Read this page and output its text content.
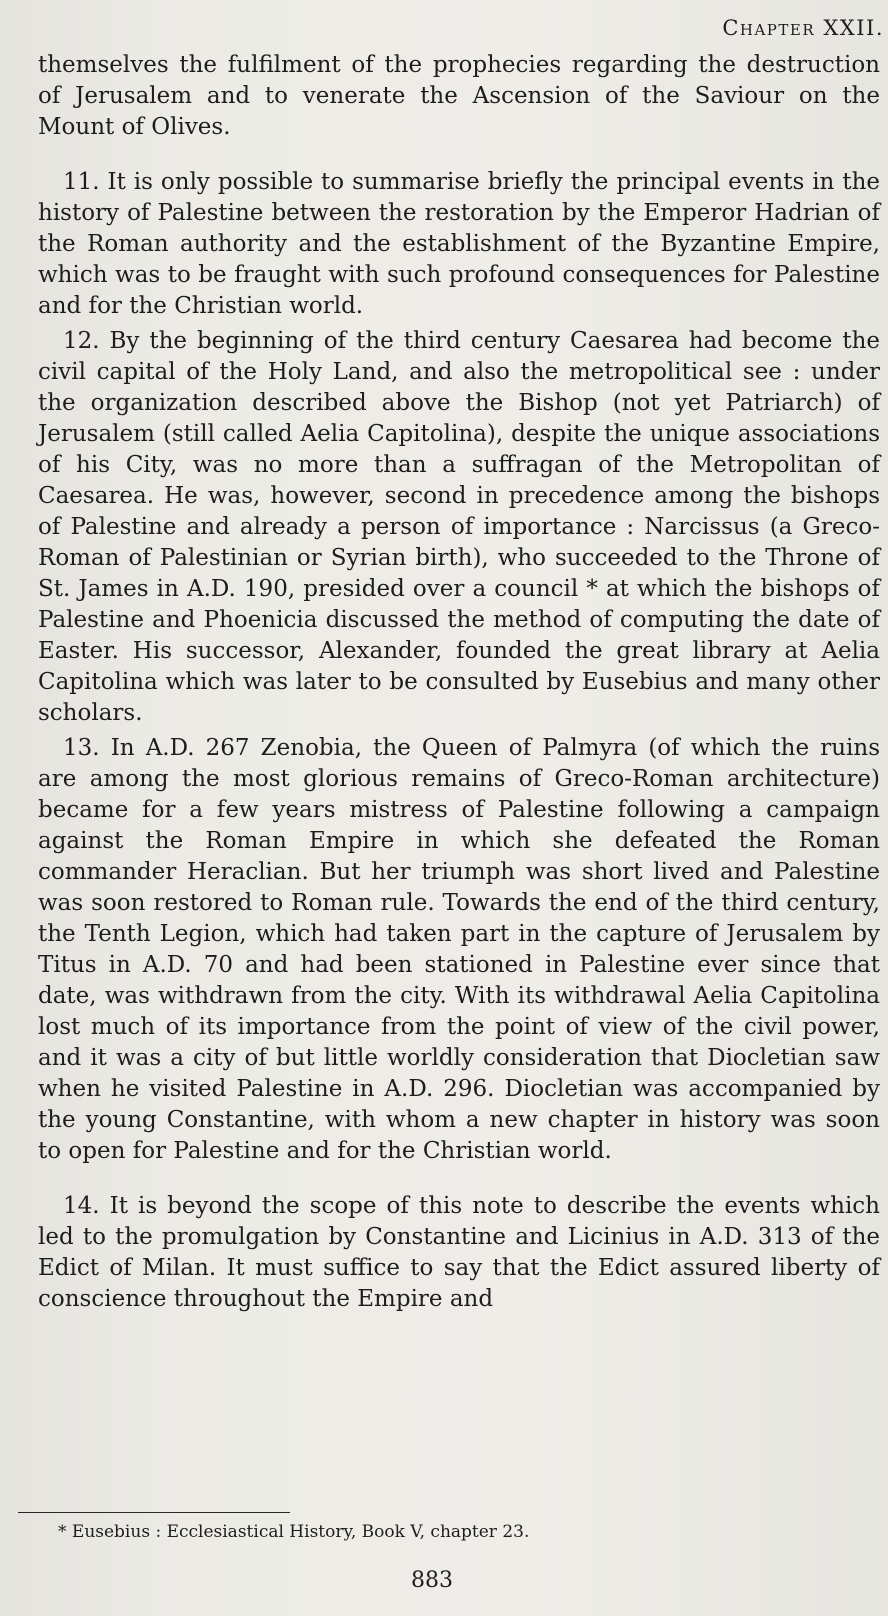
Chapter XXII.

themselves the fulfilment of the prophecies regarding the destruction of Jerusalem and to venerate the Ascension of the Saviour on the Mount of Olives.

11. It is only possible to summarise briefly the principal events in the history of Palestine between the restoration by the Emperor Hadrian of the Roman authority and the establishment of the Byzantine Empire, which was to be fraught with such profound consequences for Palestine and for the Christian world.

12. By the beginning of the third century Caesarea had become the civil capital of the Holy Land, and also the metropolitical see : under the organization described above the Bishop (not yet Patriarch) of Jerusalem (still called Aelia Capitolina), despite the unique associations of his City, was no more than a suffragan of the Metropolitan of Caesarea. He was, however, second in precedence among the bishops of Palestine and already a person of importance : Narcissus (a Greco-Roman of Palestinian or Syrian birth), who succeeded to the Throne of St. James in A.D. 190, presided over a council * at which the bishops of Palestine and Phoenicia discussed the method of computing the date of Easter. His successor, Alexander, founded the great library at Aelia Capitolina which was later to be consulted by Eusebius and many other scholars.

13. In A.D. 267 Zenobia, the Queen of Palmyra (of which the ruins are among the most glorious remains of Greco-Roman architecture) became for a few years mistress of Palestine following a campaign against the Roman Empire in which she defeated the Roman commander Heraclian. But her triumph was short lived and Palestine was soon restored to Roman rule. Towards the end of the third century, the Tenth Legion, which had taken part in the capture of Jerusalem by Titus in A.D. 70 and had been stationed in Palestine ever since that date, was withdrawn from the city. With its withdrawal Aelia Capitolina lost much of its importance from the point of view of the civil power, and it was a city of but little worldly consideration that Diocletian saw when he visited Palestine in A.D. 296. Diocletian was accompanied by the young Constantine, with whom a new chapter in history was soon to open for Palestine and for the Christian world.

14. It is beyond the scope of this note to describe the events which led to the promulgation by Constantine and Licinius in A.D. 313 of the Edict of Milan. It must suffice to say that the Edict assured liberty of conscience throughout the Empire and

* Eusebius : Ecclesiastical History, Book V, chapter 23.
883
